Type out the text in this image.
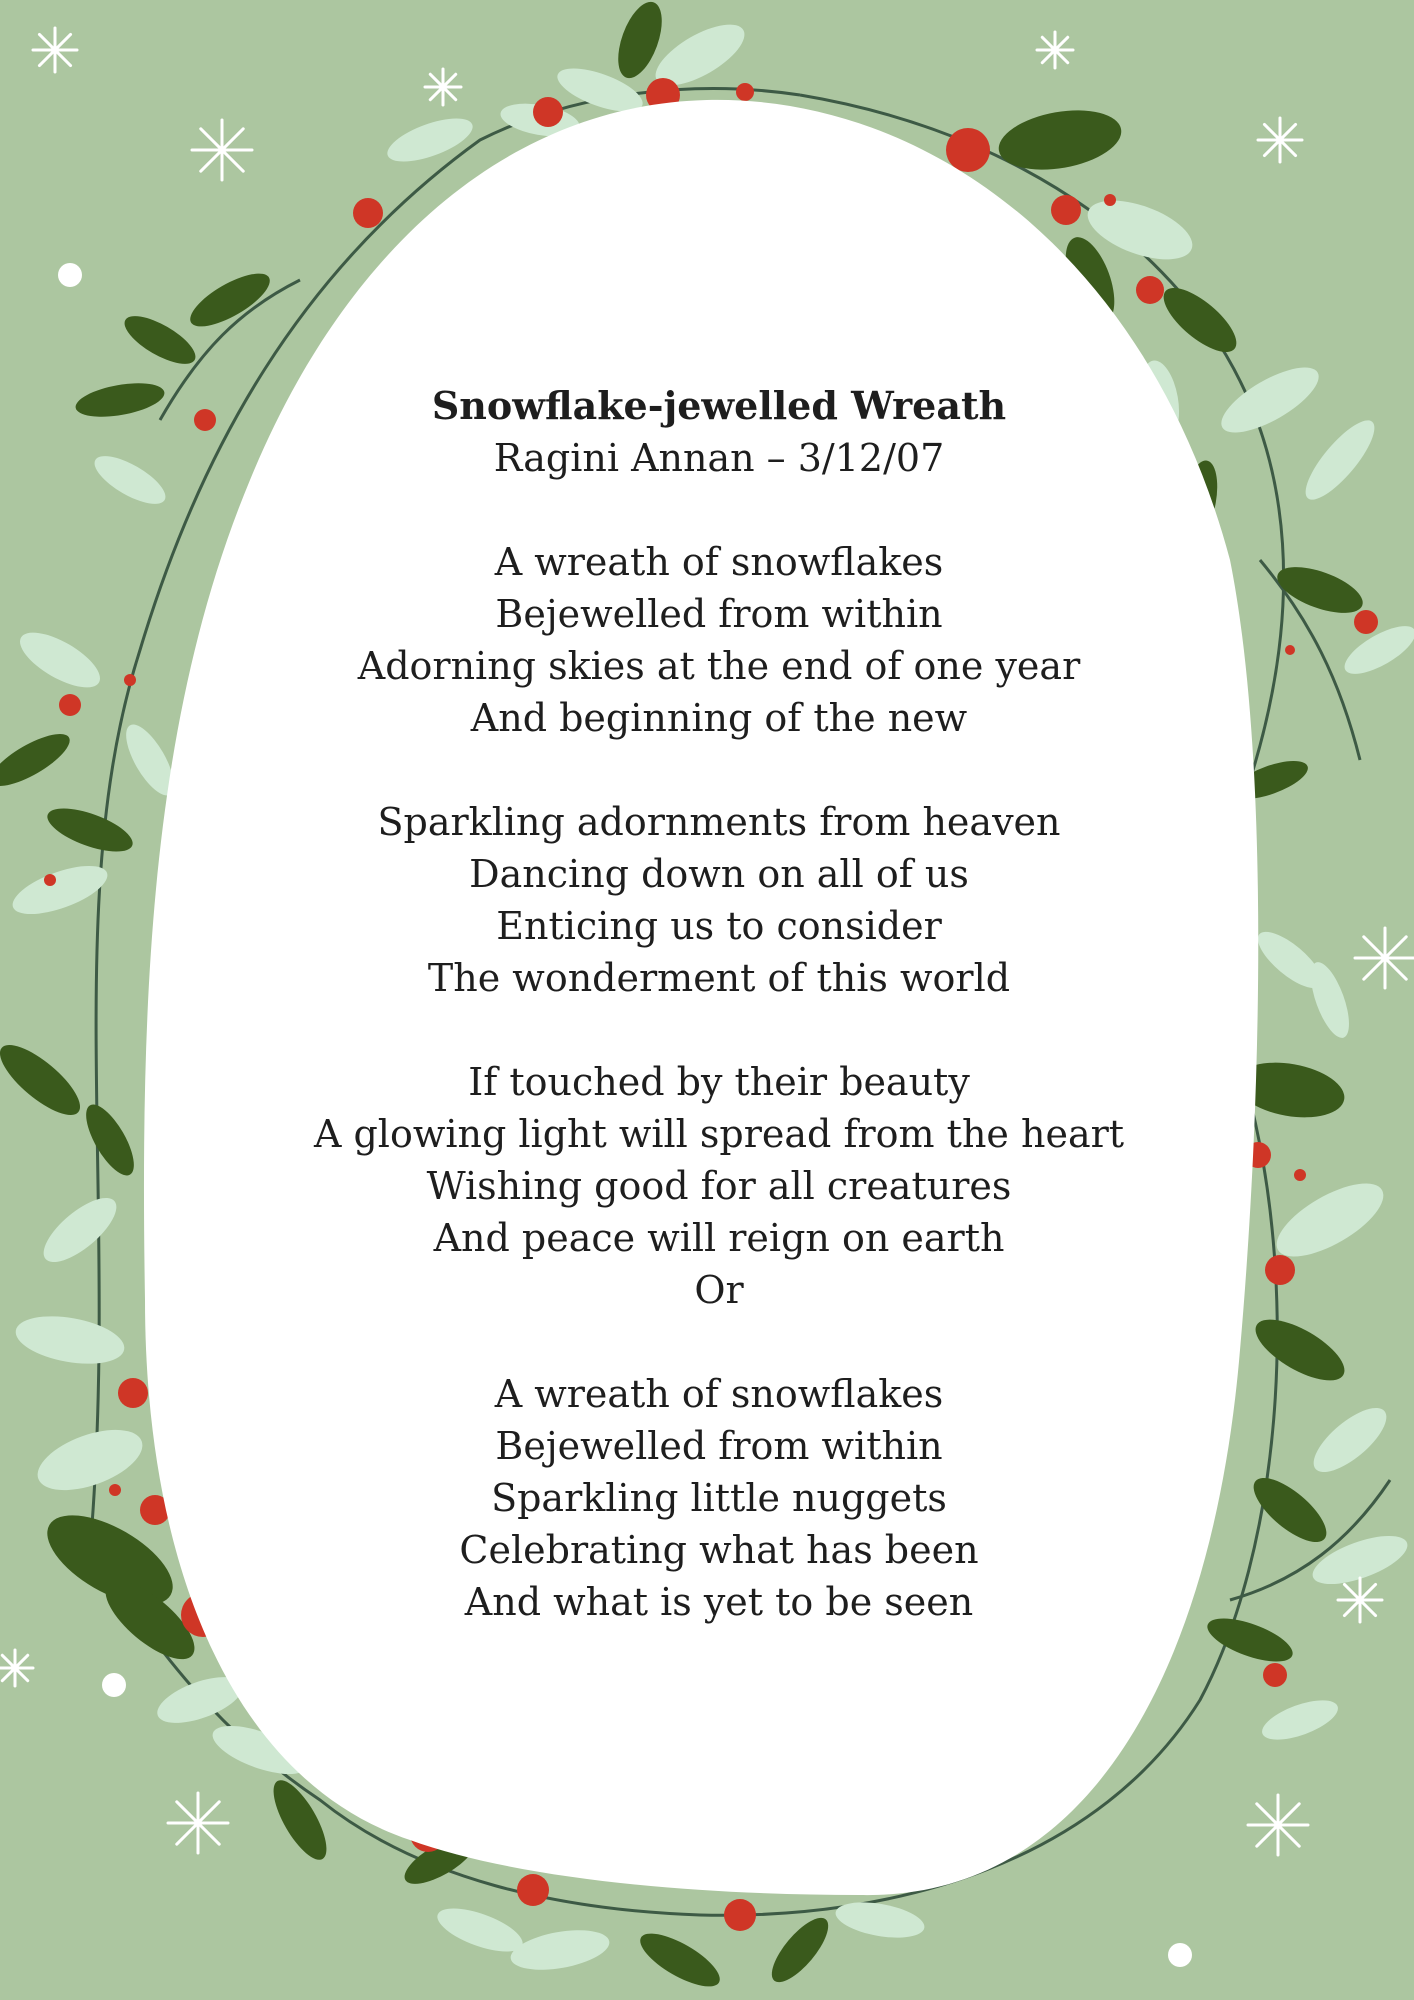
Snowflake-jewelled Wreath
Ragini Annan – 3/12/07
A wreath of snowflakes
Bejewelled from within
Adorning skies at the end of one year
And beginning of the new
Sparkling adornments from heaven
Dancing down on all of us
Enticing us to consider
The wonderment of this world
If touched by their beauty
A glowing light will spread from the heart
Wishing good for all creatures
And peace will reign on earth
Or
A wreath of snowflakes
Bejewelled from within
Sparkling little nuggets
Celebrating what has been
And what is yet to be seen
